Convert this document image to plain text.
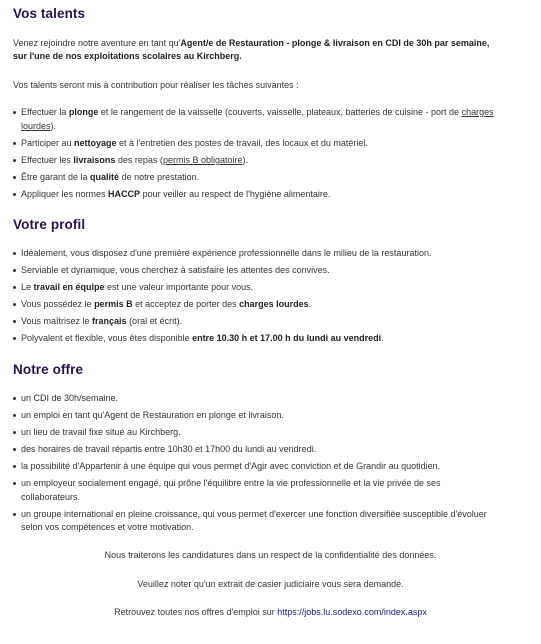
Vos talents

Venez rejoindre notre aventure en tant qu'Agent/e de Restauration - plonge & livraison en CDI de 30h par semaine, sur l'une de nos exploitations scolaires au Kirchberg.

Vos talents seront mis à contribution pour réaliser les tâches suivantes :

Effectuer la plonge et le rangement de la vaisselle (couverts, vaisselle, plateaux, batteries de cuisine - port de charges lourdes).
Participer au nettoyage et à l'entretien des postes de travail, des locaux et du matériel.
Effectuer les livraisons des repas (permis B obligatoire).
Être garant de la qualité de notre prestation.
Appliquer les normes HACCP pour veiller au respect de l'hygiène alimentaire.
Votre profil
Idéalement, vous disposez d'une première expérience professionnelle dans le milieu de la restauration.
Serviable et dynamique, vous cherchez à satisfaire les attentes des convives.
Le travail en équipe est une valeur importante pour vous.
Vous possédez le permis B et acceptez de porter des charges lourdes.
Vous maîtrisez le français (oral et écrit).
Polyvalent et flexible, vous êtes disponible entre 10.30 h et 17.00 h du lundi au vendredi.
Notre offre
un CDI de 30h/semaine.
un emploi en tant qu'Agent de Restauration en plonge et livraison.
un lieu de travail fixe situé au Kirchberg.
des horaires de travail répartis entre 10h30 et 17h00 du lundi au vendredi.
la possibilité d'Appartenir à une équipe qui vous permet d'Agir avec conviction et de Grandir au quotidien.
un employeur socialement engagé, qui prône l'équilibre entre la vie professionnelle et la vie privée de ses collaborateurs.
un groupe international en pleine croissance, qui vous permet d'exercer une fonction diversifiée susceptible d'évoluer selon vos compétences et votre motivation.

Nous traiterons les candidatures dans un respect de la confidentialité des données.

Veuillez noter qu'un extrait de casier judiciaire vous sera demandé.

Retrouvez toutes nos offres d'emploi sur https://jobs.lu.sodexo.com/index.aspx
